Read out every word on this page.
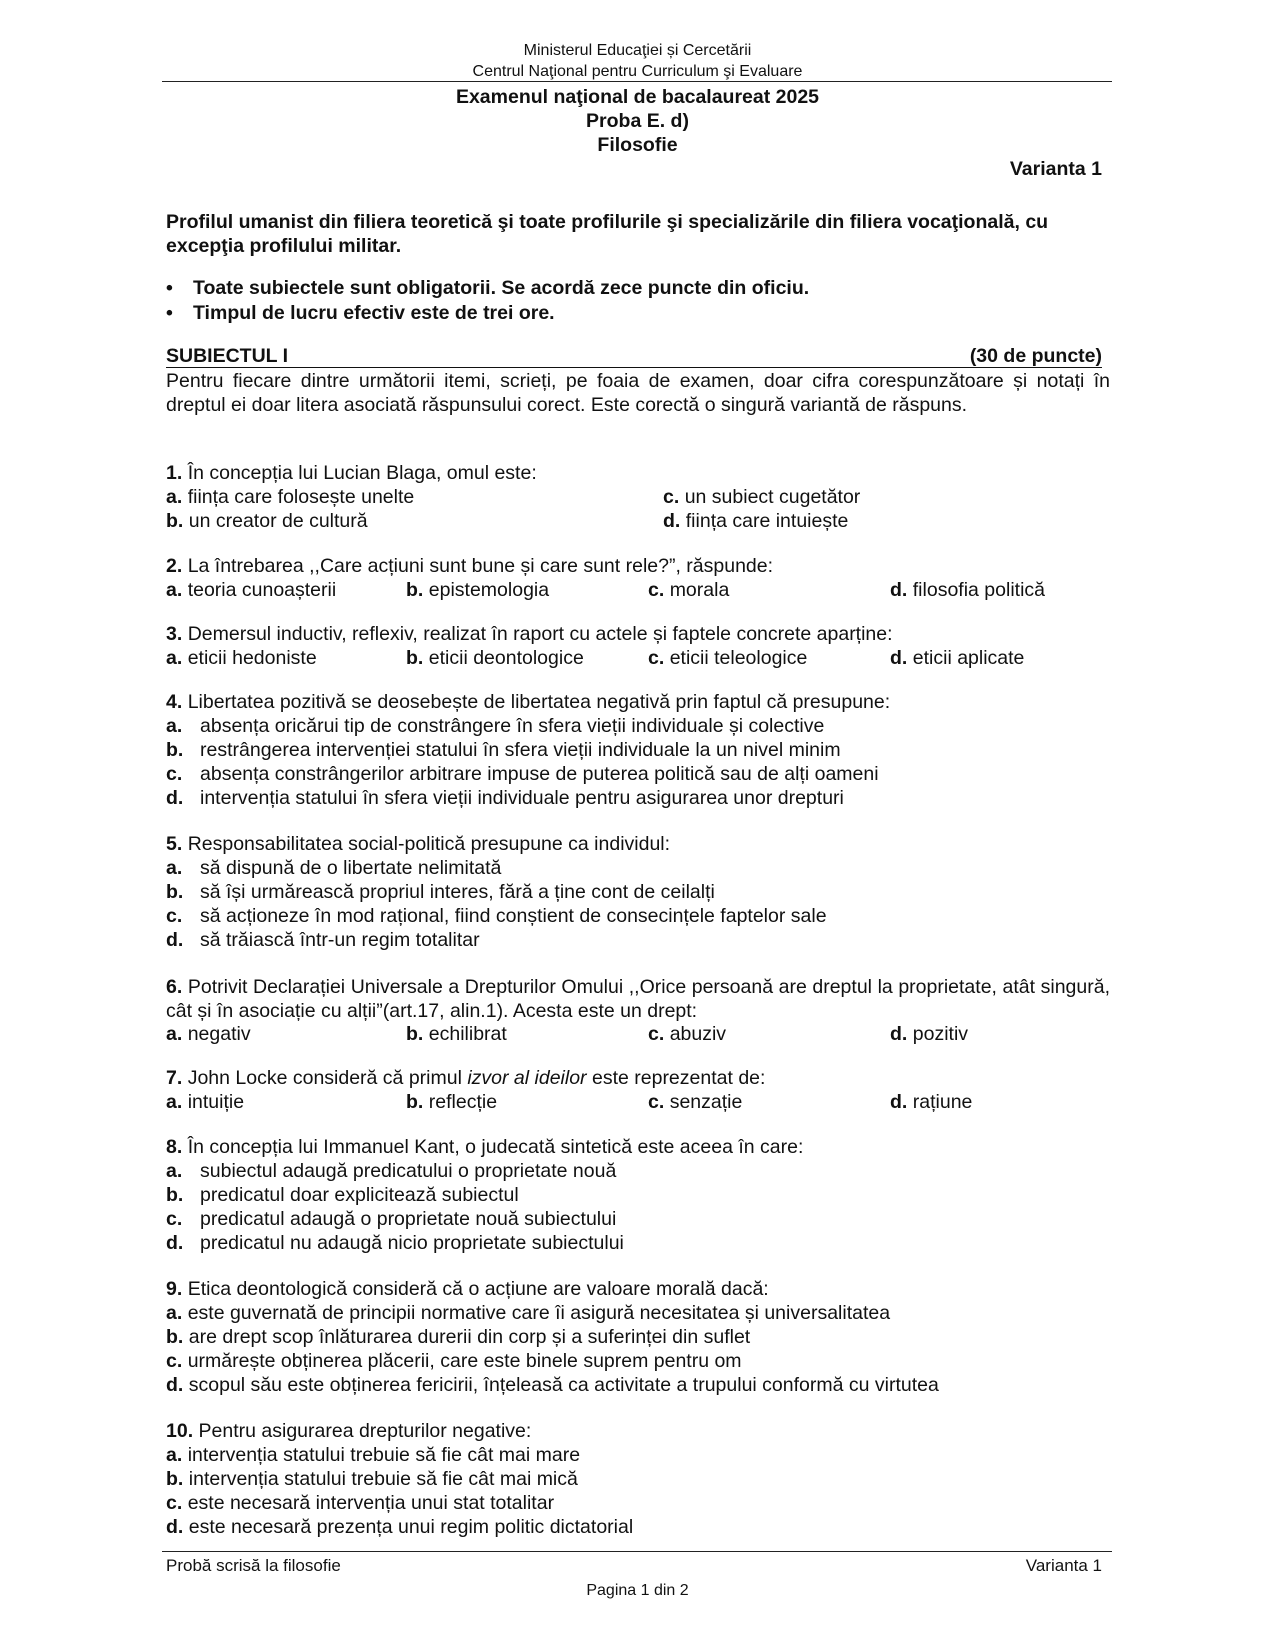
Ministerul Educaţiei și Cercetării
Centrul Naţional pentru Curriculum şi Evaluare
Examenul naţional de bacalaureat 2025
Proba E. d)
Filosofie
Varianta 1
Profilul umanist din filiera teoretică şi toate profilurile şi specializările din filiera vocaţională, cu excepţia profilului militar.
• Toate subiectele sunt obligatorii. Se acordă zece puncte din oficiu.
• Timpul de lucru efectiv este de trei ore.
SUBIECTUL I	(30 de puncte)
Pentru fiecare dintre următorii itemi, scrieți, pe foaia de examen, doar cifra corespunzătoare și notați în dreptul ei doar litera asociată răspunsului corect. Este corectă o singură variantă de răspuns.
1. În concepția lui Lucian Blaga, omul este:
a. ființa care folosește unelte	c. un subiect cugetător
b. un creator de cultură	d. ființa care intuiește
2. La întrebarea ,,Care acțiuni sunt bune și care sunt rele?”, răspunde:
a. teoria cunoașterii	b. epistemologia	c. morala	d. filosofia politică
3. Demersul inductiv, reflexiv, realizat în raport cu actele și faptele concrete aparține:
a. eticii hedoniste	b. eticii deontologice	c. eticii teleologice	d. eticii aplicate
4. Libertatea pozitivă se deosebește de libertatea negativă prin faptul că presupune:
a. absența oricărui tip de constrângere în sfera vieții individuale și colective
b. restrângerea intervenției statului în sfera vieții individuale la un nivel minim
c. absența constrângerilor arbitrare impuse de puterea politică sau de alți oameni
d. intervenția statului în sfera vieții individuale pentru asigurarea unor drepturi
5. Responsabilitatea social-politică presupune ca individul:
a. să dispună de o libertate nelimitată
b. să își urmărească propriul interes, fără a ține cont de ceilalți
c. să acționeze în mod rațional, fiind conștient de consecințele faptelor sale
d. să trăiască într-un regim totalitar
6. Potrivit Declarației Universale a Drepturilor Omului ,,Orice persoană are dreptul la proprietate, atât singură, cât și în asociație cu alții”(art.17, alin.1). Acesta este un drept:
a. negativ	b. echilibrat	c. abuziv	d. pozitiv
7. John Locke consideră că primul izvor al ideilor este reprezentat de:
a. intuiție	b. reflecție	c. senzație	d. rațiune
8. În concepția lui Immanuel Kant, o judecată sintetică este aceea în care:
a. subiectul adaugă predicatului o proprietate nouă
b. predicatul doar explicitează subiectul
c. predicatul adaugă o proprietate nouă subiectului
d. predicatul nu adaugă nicio proprietate subiectului
9. Etica deontologică consideră că o acțiune are valoare morală dacă:
a. este guvernată de principii normative care îi asigură necesitatea și universalitatea
b. are drept scop înlăturarea durerii din corp și a suferinței din suflet
c. urmărește obținerea plăcerii, care este binele suprem pentru om
d. scopul său este obținerea fericirii, înțeleasă ca activitate a trupului conformă cu virtutea
10. Pentru asigurarea drepturilor negative:
a. intervenția statului trebuie să fie cât mai mare
b. intervenția statului trebuie să fie cât mai mică
c. este necesară intervenția unui stat totalitar
d. este necesară prezența unui regim politic dictatorial
Probă scrisă la filosofie	Varianta 1
Pagina 1 din 2
